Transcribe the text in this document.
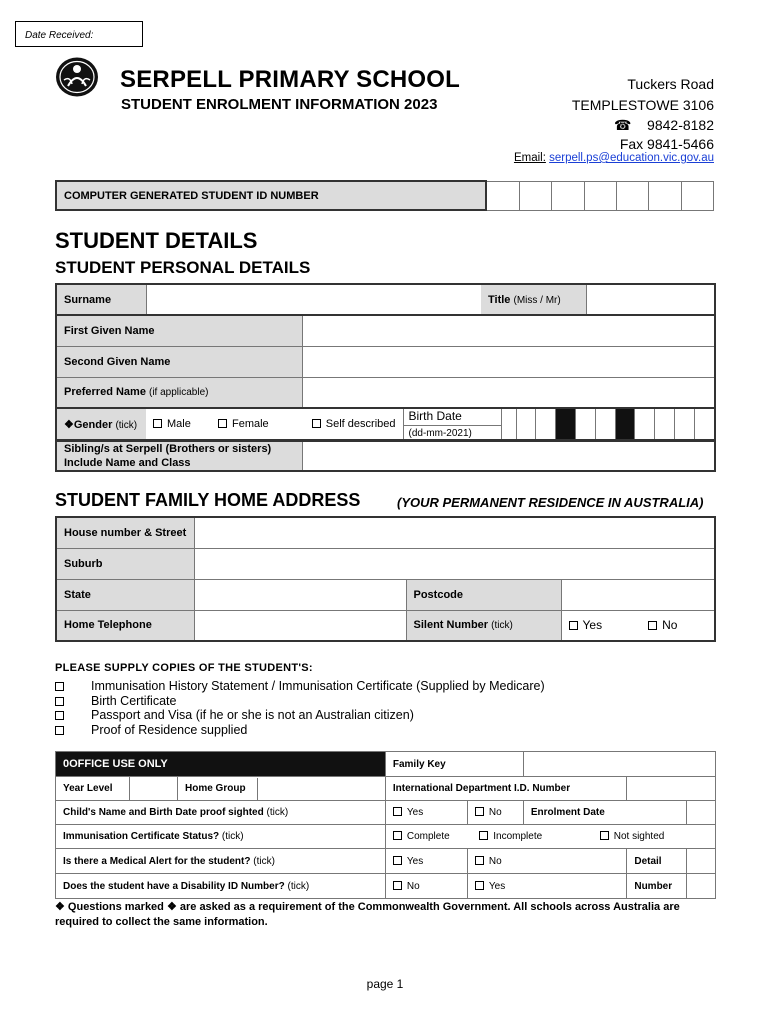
Date Received:
SERPELL PRIMARY SCHOOL
STUDENT ENROLMENT INFORMATION 2023
Tuckers Road
TEMPLESTOWE 3106
☎ 9842-8182
Fax 9841-5466
Email: serpell.ps@education.vic.gov.au
COMPUTER GENERATED STUDENT ID NUMBER							
STUDENT DETAILS
STUDENT PERSONAL DETAILS
Surname		Title (Miss / Mr)	
First Given Name	
Second Given Name	
Preferred Name (if applicable)	
❖Gender (tick)	Male	Female	Self described	
Birth Date
(dd-mm-2021)

Sibling/s at Serpell (Brothers or sisters)
Include Name and Class

STUDENT FAMILY HOME ADDRESS	(YOUR PERMANENT RESIDENCE IN AUSTRALIA)
House number & Street				
Suburb				
State		Postcode		
Home Telephone		Silent Number (tick)	Yes	No
PLEASE SUPPLY COPIES OF THE STUDENT'S:
Immunisation History Statement / Immunisation Certificate (Supplied by Medicare)
Birth Certificate
Passport and Visa (if he or she is not an Australian citizen)
Proof of Residence supplied
0OFFICE USE ONLY			Family Key				
Year Level		Home Group	International Department I.D. Number				
Child's Name and Birth Date proof sighted (tick)			Yes	No	Enrolment Date		
Immunisation Certificate Status? (tick)			Complete Incomplete Not sighted				
Is there a Medical Alert for the student? (tick)			Yes	No		Detail	
Does the student have a Disability ID Number? (tick)			No	Yes		Number	
❖ Questions marked ❖ are asked as a requirement of the Commonwealth Government. All schools across Australia are required to collect the same information.
page 1
